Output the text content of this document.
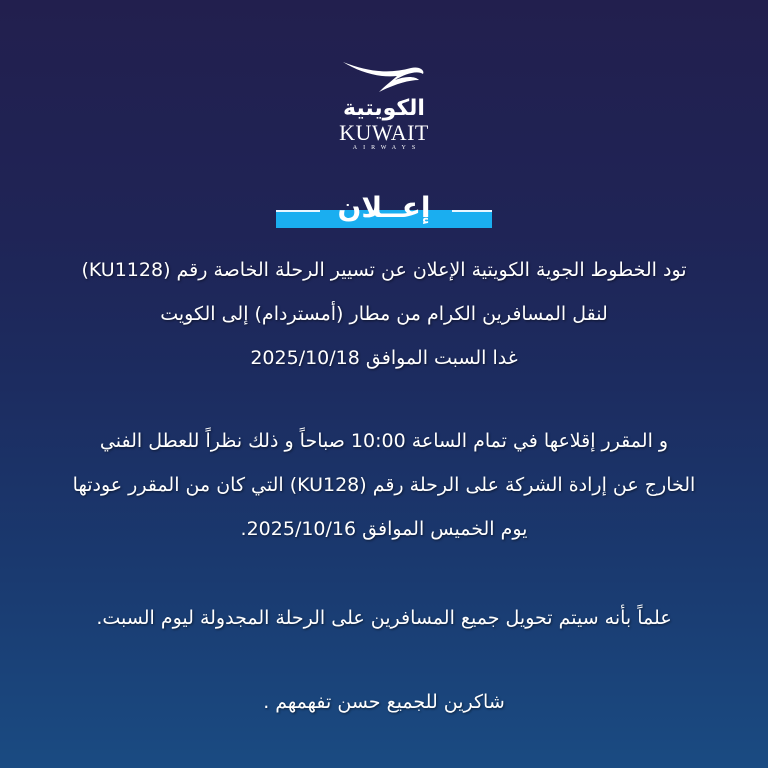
الكويتية
KUWAIT
AIRWAYS
إعــلان
تود الخطوط الجوية الكويتية الإعلان عن تسيير الرحلة الخاصة رقم (KU1128)
لنقل المسافرين الكرام من مطار (أمستردام) إلى الكويت
غدا السبت الموافق 2025/10/18
و المقرر إقلاعها في تمام الساعة 10:00 صباحاً و ذلك نظراً للعطل الفني
الخارج عن إرادة الشركة على الرحلة رقم (KU128) التي كان من المقرر عودتها
يوم الخميس الموافق 2025/10/16.
علماً بأنه سيتم تحويل جميع المسافرين على الرحلة المجدولة ليوم السبت.
شاكرين للجميع حسن تفهمهم .
